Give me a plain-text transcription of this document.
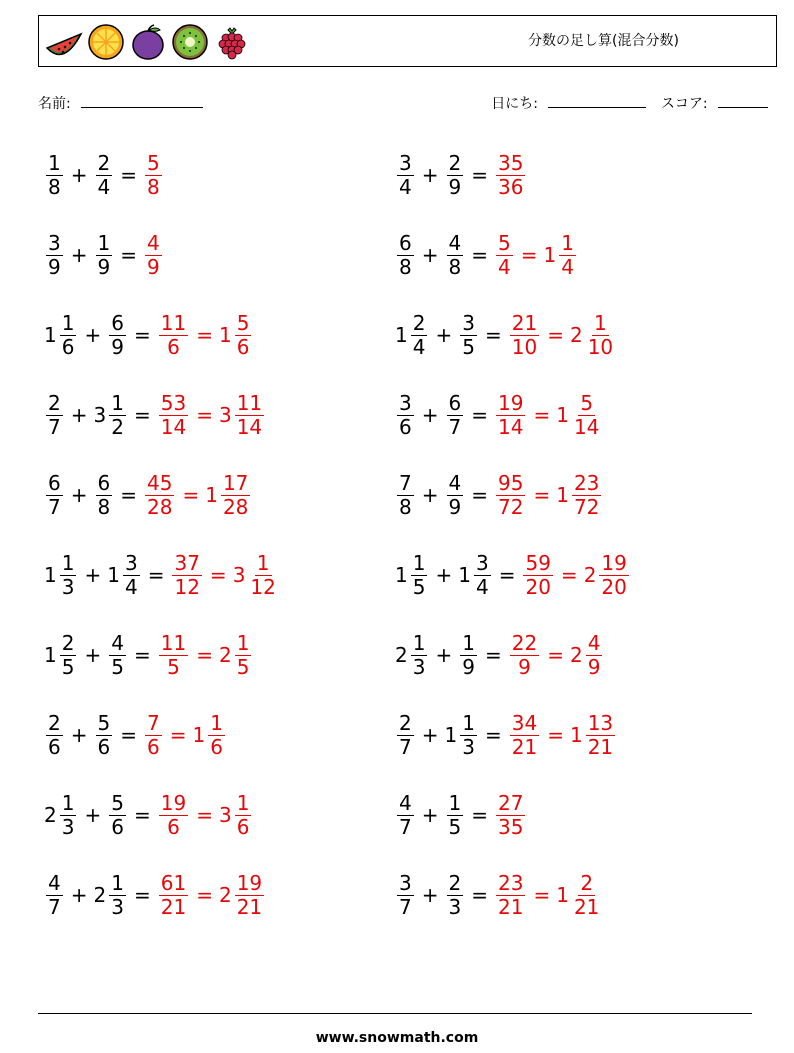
分数の足し算(混合分数)
名前:	日にち:	スコア:
$\frac{1}{8} + \frac{2}{4} = \frac{5}{8}$	$\frac{3}{4} + \frac{2}{9} = \frac{35}{36}$
$\frac{3}{9} + \frac{1}{9} = \frac{4}{9}$	$\frac{6}{8} + \frac{4}{8} = \frac{5}{4} = 1 \frac{1}{4}$
$1 \frac{1}{6} + \frac{6}{9} = \frac{11}{6} = 1 \frac{5}{6}$	$1 \frac{2}{4} + \frac{3}{5} = \frac{21}{10} = 2 \frac{1}{10}$
$\frac{2}{7} + 3 \frac{1}{2} = \frac{53}{14} = 3 \frac{11}{14}$	$\frac{3}{6} + \frac{6}{7} = \frac{19}{14} = 1 \frac{5}{14}$
$\frac{6}{7} + \frac{6}{8} = \frac{45}{28} = 1 \frac{17}{28}$	$\frac{7}{8} + \frac{4}{9} = \frac{95}{72} = 1 \frac{23}{72}$
$1 \frac{1}{3} + 1 \frac{3}{4} = \frac{37}{12} = 3 \frac{1}{12}$	$1 \frac{1}{5} + 1 \frac{3}{4} = \frac{59}{20} = 2 \frac{19}{20}$
$1 \frac{2}{5} + \frac{4}{5} = \frac{11}{5} = 2 \frac{1}{5}$	$2 \frac{1}{3} + \frac{1}{9} = \frac{22}{9} = 2 \frac{4}{9}$
$\frac{2}{6} + \frac{5}{6} = \frac{7}{6} = 1 \frac{1}{6}$	$\frac{2}{7} + 1 \frac{1}{3} = \frac{34}{21} = 1 \frac{13}{21}$
$2 \frac{1}{3} + \frac{5}{6} = \frac{19}{6} = 3 \frac{1}{6}$	$\frac{4}{7} + \frac{1}{5} = \frac{27}{35}$
$\frac{4}{7} + 2 \frac{1}{3} = \frac{61}{21} = 2 \frac{19}{21}$	$\frac{3}{7} + \frac{2}{3} = \frac{23}{21} = 1 \frac{2}{21}$
www.snowmath.com
